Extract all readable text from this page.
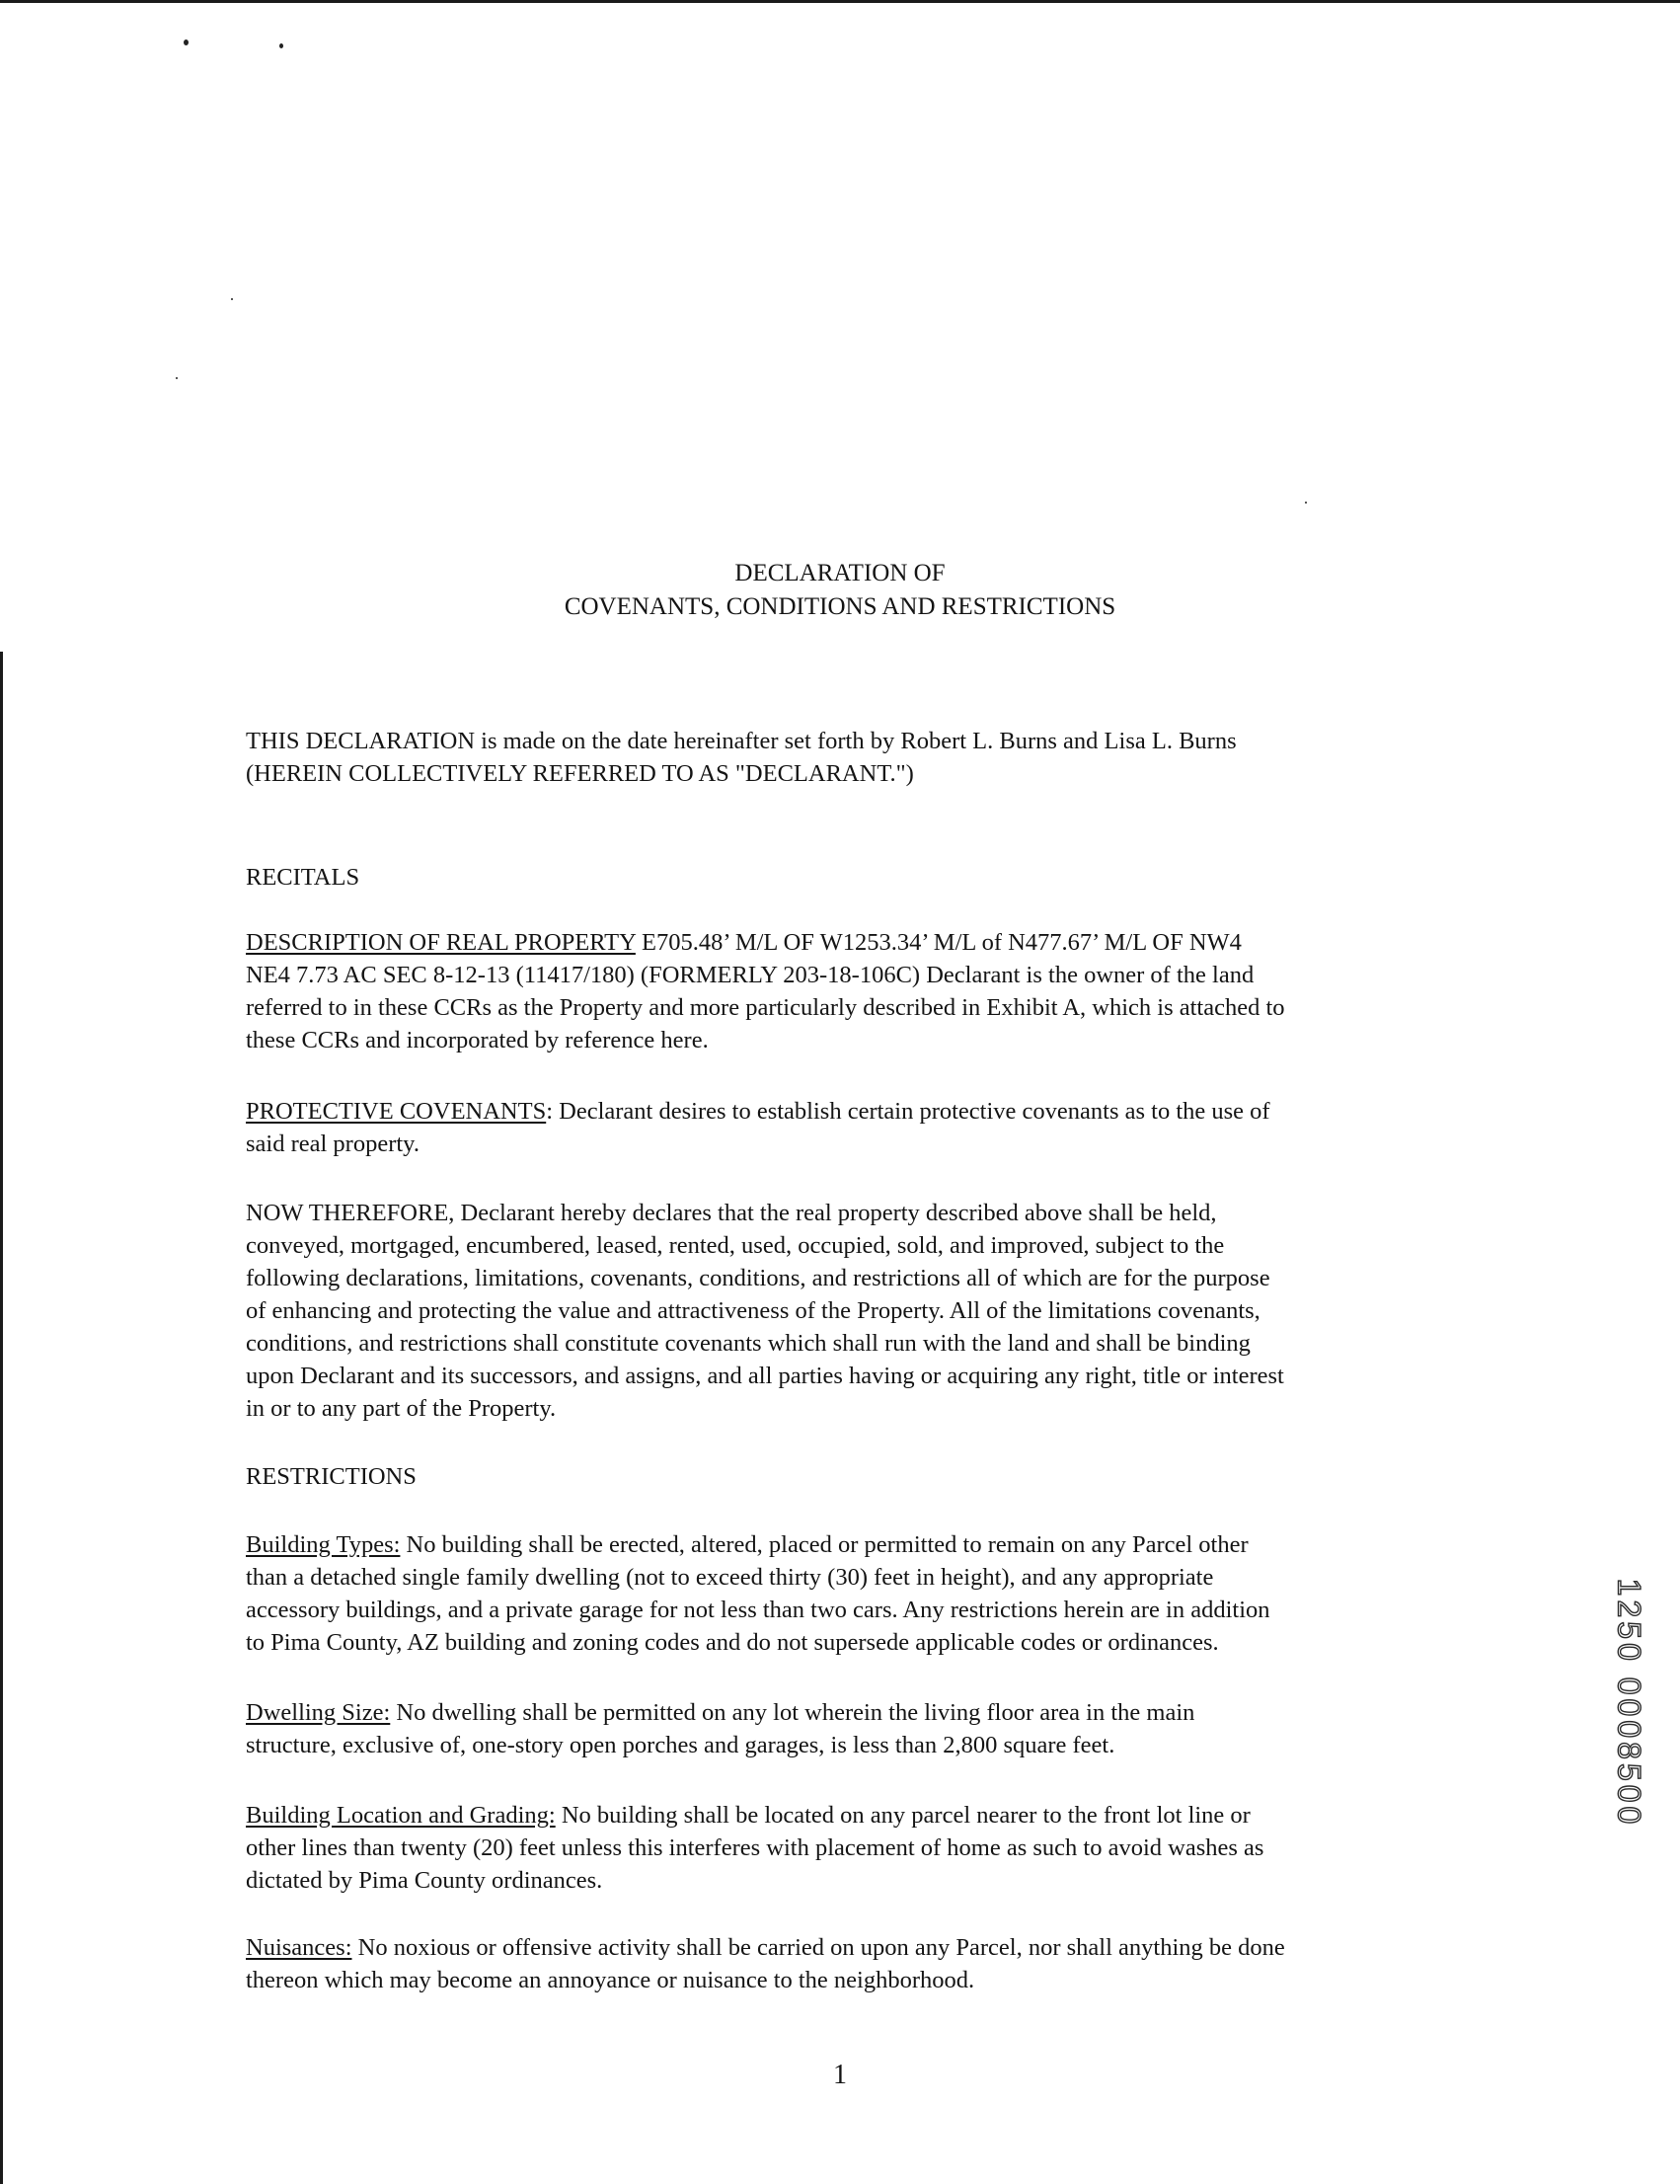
DECLARATION OF
COVENANTS, CONDITIONS AND RESTRICTIONS
THIS DECLARATION is made on the date hereinafter set forth by Robert L. Burns and Lisa L. Burns
(HEREIN COLLECTIVELY REFERRED TO AS "DECLARANT.")
RECITALS
DESCRIPTION OF REAL PROPERTY E705.48’ M/L OF W1253.34’ M/L of N477.67’ M/L OF NW4
NE4 7.73 AC SEC 8-12-13 (11417/180) (FORMERLY 203-18-106C) Declarant is the owner of the land
referred to in these CCRs as the Property and more particularly described in Exhibit A, which is attached to
these CCRs and incorporated by reference here.
PROTECTIVE COVENANTS: Declarant desires to establish certain protective covenants as to the use of
said real property.
NOW THEREFORE, Declarant hereby declares that the real property described above shall be held,
conveyed, mortgaged, encumbered, leased, rented, used, occupied, sold, and improved, subject to the
following declarations, limitations, covenants, conditions, and restrictions all of which are for the purpose
of enhancing and protecting the value and attractiveness of the Property. All of the limitations covenants,
conditions, and restrictions shall constitute covenants which shall run with the land and shall be binding
upon Declarant and its successors, and assigns, and all parties having or acquiring any right, title or interest
in or to any part of the Property.
RESTRICTIONS
Building Types: No building shall be erected, altered, placed or permitted to remain on any Parcel other
than a detached single family dwelling (not to exceed thirty (30) feet in height), and any appropriate
accessory buildings, and a private garage for not less than two cars. Any restrictions herein are in addition
to Pima County, AZ building and zoning codes and do not supersede applicable codes or ordinances.
Dwelling Size: No dwelling shall be permitted on any lot wherein the living floor area in the main
structure, exclusive of, one-story open porches and garages, is less than 2,800 square feet.
Building Location and Grading: No building shall be located on any parcel nearer to the front lot line or
other lines than twenty (20) feet unless this interferes with placement of home as such to avoid washes as
dictated by Pima County ordinances.
Nuisances: No noxious or offensive activity shall be carried on upon any Parcel, nor shall anything be done
thereon which may become an annoyance or nuisance to the neighborhood.
1
1250 0008500
